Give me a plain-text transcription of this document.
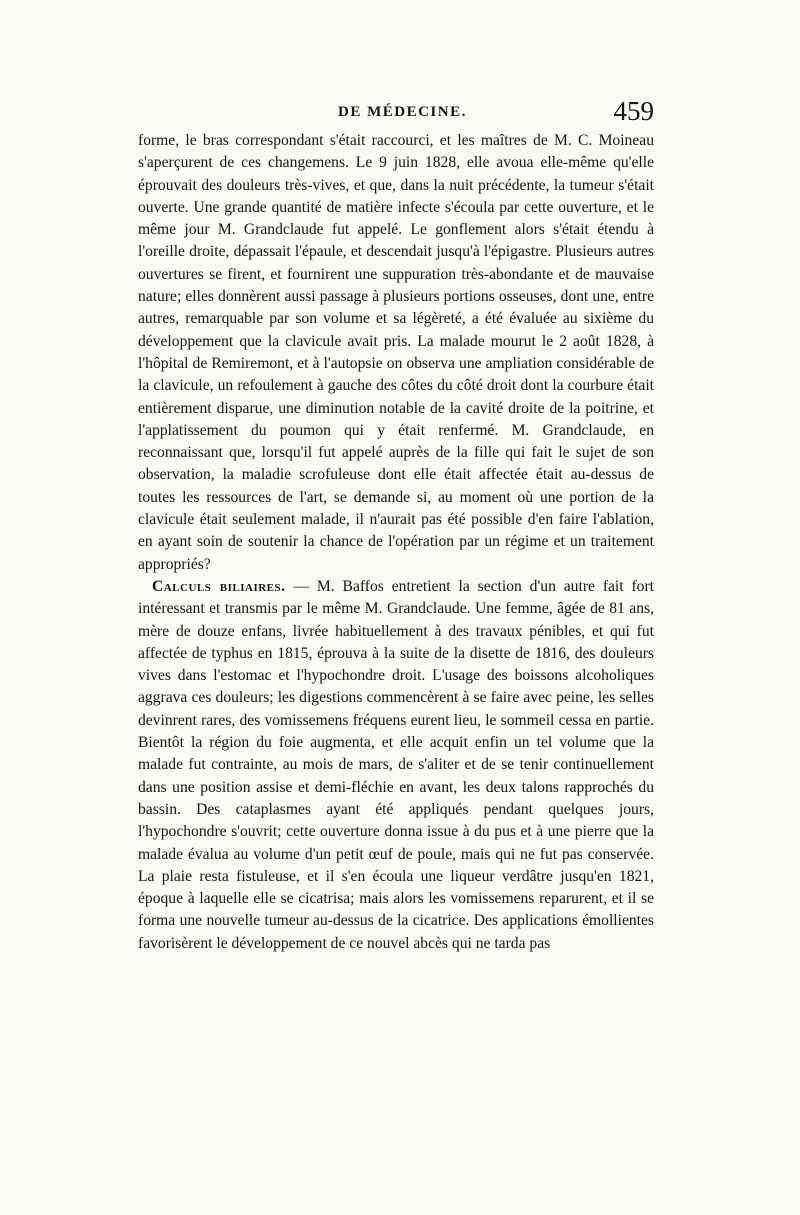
DE MÉDECINE.	459

forme, le bras correspondant s'était raccourci, et les maîtres de M. C. Moineau s'aperçurent de ces changemens. Le 9 juin 1828, elle avoua elle-même qu'elle éprouvait des douleurs très-vives, et que, dans la nuit précédente, la tumeur s'était ouverte. Une grande quantité de matière infecte s'écoula par cette ouverture, et le même jour M. Grandclaude fut appelé. Le gonflement alors s'était étendu à l'oreille droite, dépassait l'épaule, et descendait jusqu'à l'épigastre. Plusieurs autres ouvertures se firent, et fournirent une suppuration très-abondante et de mauvaise nature; elles donnèrent aussi passage à plusieurs portions osseuses, dont une, entre autres, remarquable par son volume et sa légèreté, a été évaluée au sixième du développement que la clavicule avait pris. La malade mourut le 2 août 1828, à l'hôpital de Remiremont, et à l'autopsie on observa une ampliation considérable de la clavicule, un refoulement à gauche des côtes du côté droit dont la courbure était entièrement disparue, une diminution notable de la cavité droite de la poitrine, et l'applatissement du poumon qui y était renfermé. M. Grandclaude, en reconnaissant que, lorsqu'il fut appelé auprès de la fille qui fait le sujet de son observation, la maladie scrofuleuse dont elle était affectée était au-dessus de toutes les ressources de l'art, se demande si, au moment où une portion de la clavicule était seulement malade, il n'aurait pas été possible d'en faire l'ablation, en ayant soin de soutenir la chance de l'opération par un régime et un traitement appropriés?

Calculs biliaires. — M. Baffos entretient la section d'un autre fait fort intéressant et transmis par le même M. Grandclaude. Une femme, âgée de 81 ans, mère de douze enfans, livrée habituellement à des travaux pénibles, et qui fut affectée de typhus en 1815, éprouva à la suite de la disette de 1816, des douleurs vives dans l'estomac et l'hypochondre droit. L'usage des boissons alcoholiques aggrava ces douleurs; les digestions commencèrent à se faire avec peine, les selles devinrent rares, des vomissemens fréquens eurent lieu, le sommeil cessa en partie. Bientôt la région du foie augmenta, et elle acquit enfin un tel volume que la malade fut contrainte, au mois de mars, de s'aliter et de se tenir continuellement dans une position assise et demi-fléchie en avant, les deux talons rapprochés du bassin. Des cataplasmes ayant été appliqués pendant quelques jours, l'hypochondre s'ouvrit; cette ouverture donna issue à du pus et à une pierre que la malade évalua au volume d'un petit œuf de poule, mais qui ne fut pas conservée. La plaie resta fistuleuse, et il s'en écoula une liqueur verdâtre jusqu'en 1821, époque à laquelle elle se cicatrisa; mais alors les vomissemens reparurent, et il se forma une nouvelle tumeur au-dessus de la cicatrice. Des applications émollientes favorisèrent le développement de ce nouvel abcès qui ne tarda pas
